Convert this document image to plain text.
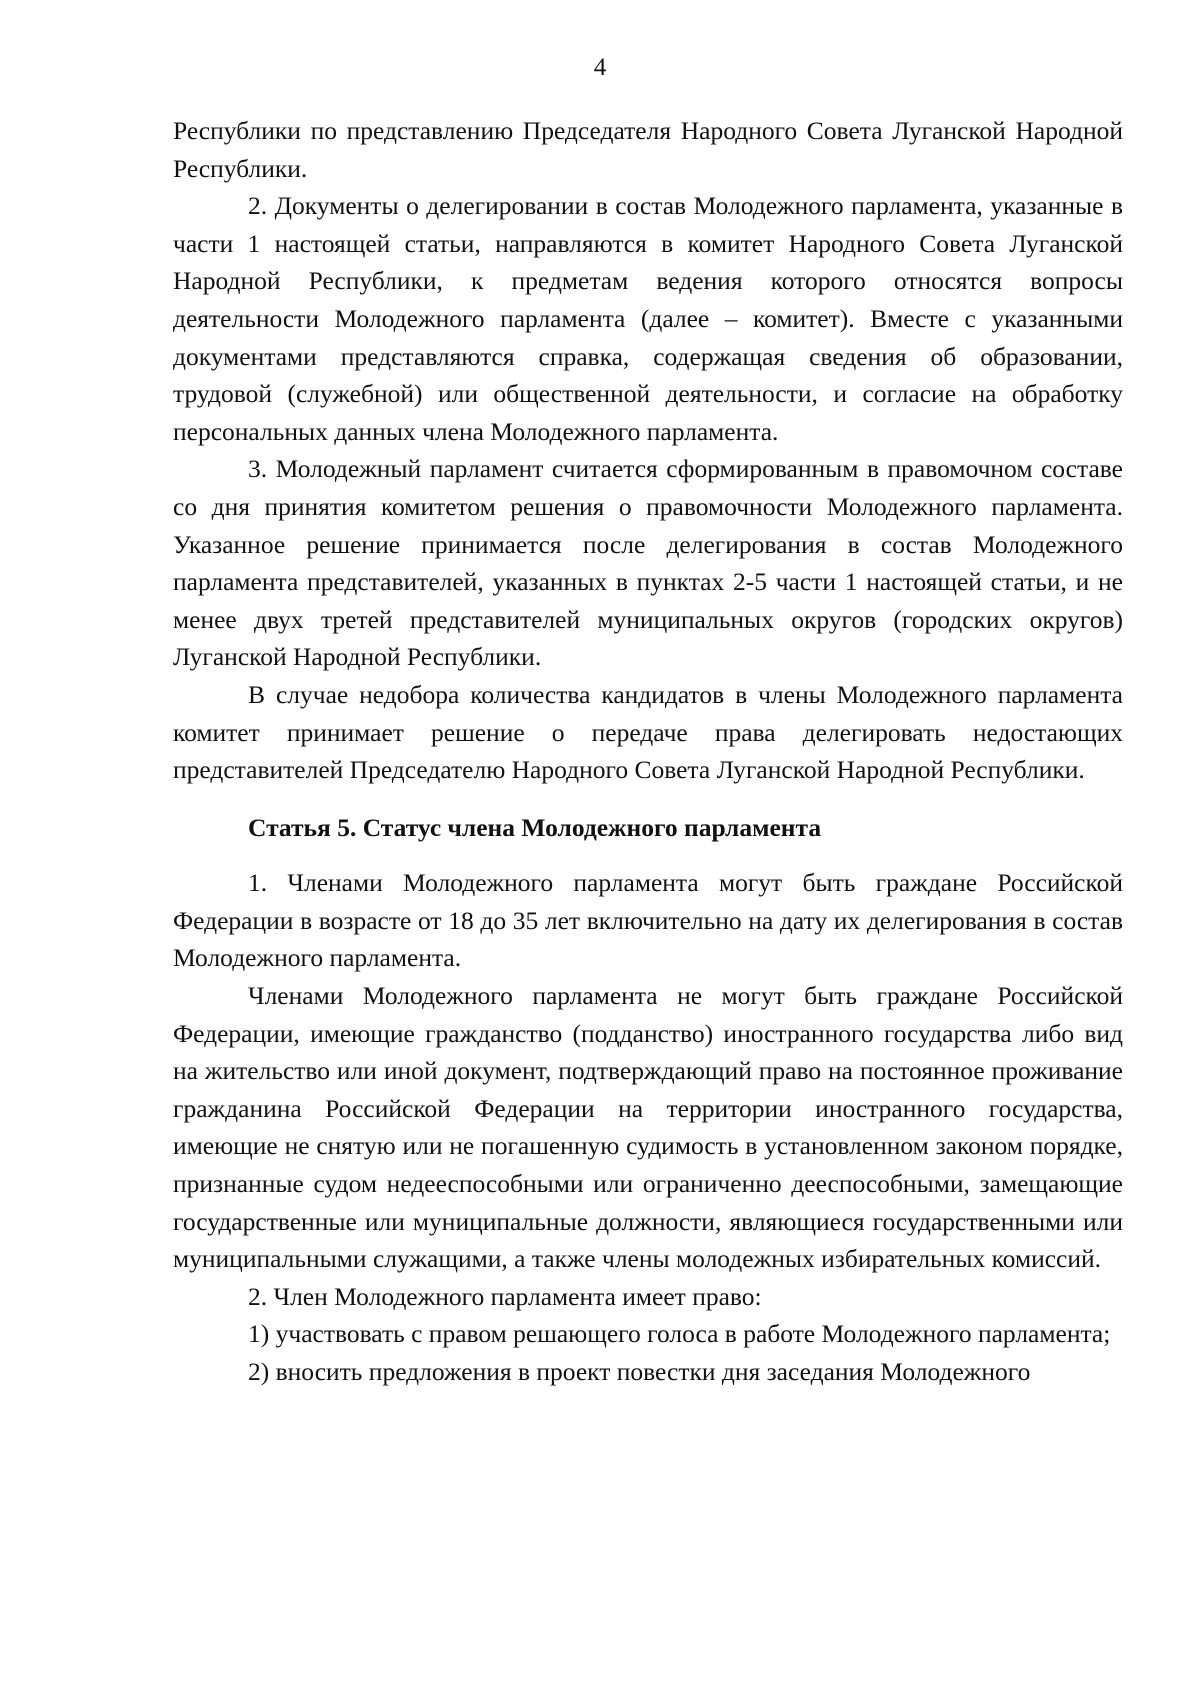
4

Республики по представлению Председателя Народного Совета Луганской Народной Республики.

2. Документы о делегировании в состав Молодежного парламента, указанные в части 1 настоящей статьи, направляются в комитет Народного Совета Луганской Народной Республики, к предметам ведения которого относятся вопросы деятельности Молодежного парламента (далее – комитет). Вместе с указанными документами представляются справка, содержащая сведения об образовании, трудовой (служебной) или общественной деятельности, и согласие на обработку персональных данных члена Молодежного парламента.

3. Молодежный парламент считается сформированным в правомочном составе со дня принятия комитетом решения о правомочности Молодежного парламента. Указанное решение принимается после делегирования в состав Молодежного парламента представителей, указанных в пунктах 2-5 части 1 настоящей статьи, и не менее двух третей представителей муниципальных округов (городских округов) Луганской Народной Республики.

В случае недобора количества кандидатов в члены Молодежного парламента комитет принимает решение о передаче права делегировать недостающих представителей Председателю Народного Совета Луганской Народной Республики.

Статья 5. Статус члена Молодежного парламента

1. Членами Молодежного парламента могут быть граждане Российской Федерации в возрасте от 18 до 35 лет включительно на дату их делегирования в состав Молодежного парламента.

Членами Молодежного парламента не могут быть граждане Российской Федерации, имеющие гражданство (подданство) иностранного государства либо вид на жительство или иной документ, подтверждающий право на постоянное проживание гражданина Российской Федерации на территории иностранного государства, имеющие не снятую или не погашенную судимость в установленном законом порядке, признанные судом недееспособными или ограниченно дееспособными, замещающие государственные или муниципальные должности, являющиеся государственными или муниципальными служащими, а также члены молодежных избирательных комиссий.

2. Член Молодежного парламента имеет право:

1) участвовать с правом решающего голоса в работе Молодежного парламента;

2) вносить предложения в проект повестки дня заседания Молодежного
